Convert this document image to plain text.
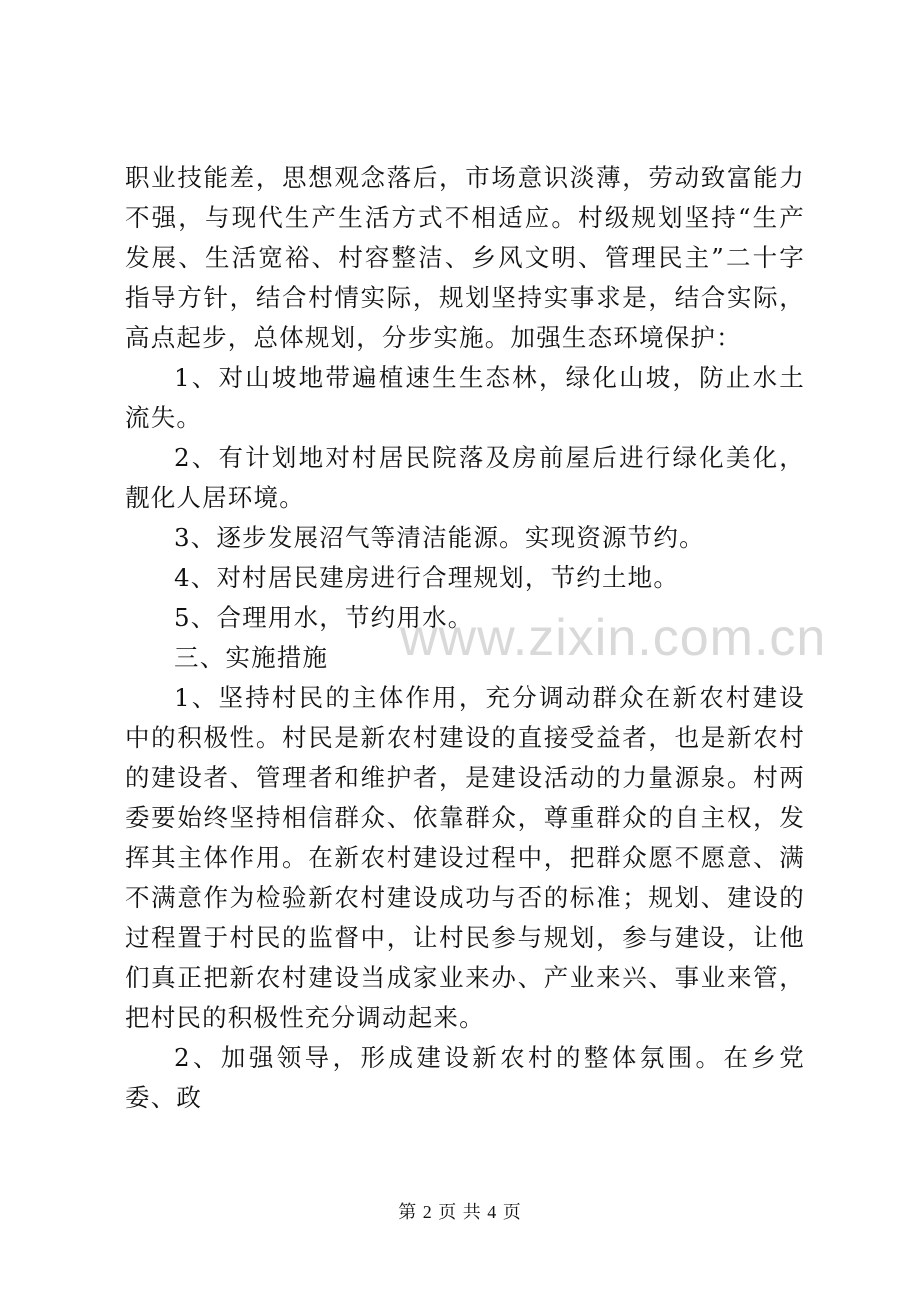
职业技能差，思想观念落后，市场意识淡薄，劳动致富能力不强，与现代生产生活方式不相适应。村级规划坚持“生产发展、生活宽裕、村容整洁、乡风文明、管理民主”二十字指导方针，结合村情实际，规划坚持实事求是，结合实际，高点起步，总体规划，分步实施。加强生态环境保护：

1、对山坡地带遍植速生生态林，绿化山坡，防止水土流失。

2、有计划地对村居民院落及房前屋后进行绿化美化，靓化人居环境。

3、逐步发展沼气等清洁能源。实现资源节约。

4、对村居民建房进行合理规划，节约土地。

5、合理用水，节约用水。

三、实施措施

1、坚持村民的主体作用，充分调动群众在新农村建设中的积极性。村民是新农村建设的直接受益者，也是新农村的建设者、管理者和维护者，是建设活动的力量源泉。村两委要始终坚持相信群众、依靠群众，尊重群众的自主权，发挥其主体作用。在新农村建设过程中，把群众愿不愿意、满不满意作为检验新农村建设成功与否的标准；规划、建设的过程置于村民的监督中，让村民参与规划，参与建设，让他们真正把新农村建设当成家业来办、产业来兴、事业来管，把村民的积极性充分调动起来。

2、加强领导，形成建设新农村的整体氛围。在乡党委、政

www.zixin.com.cn
第 2 页 共 4 页
